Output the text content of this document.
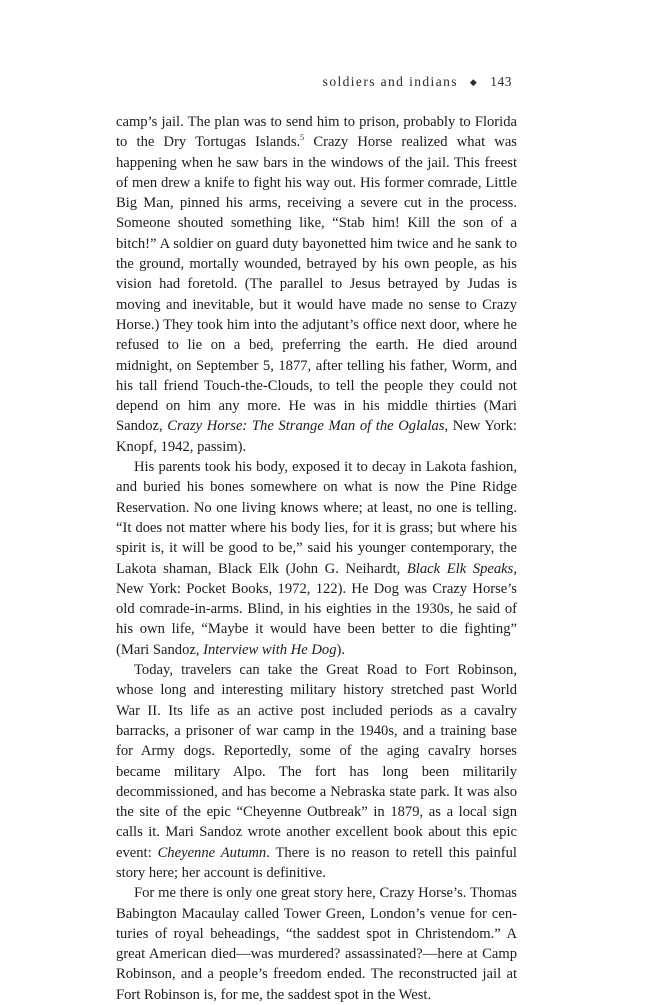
soldiers and indians ◆ 143

camp’s jail. The plan was to send him to prison, probably to Florida to the Dry Tortugas Islands.$^5$ Crazy Horse realized what was happening when he saw bars in the windows of the jail. This freest of men drew a knife to fight his way out. His former comrade, Little Big Man, pinned his arms, receiving a severe cut in the process. Someone shouted something like, “Stab him! Kill the son of a bitch!” A soldier on guard duty bayonetted him twice and he sank to the ground, mortally wounded, betrayed by his own people, as his vision had foretold. (The parallel to Jesus betrayed by Judas is moving and inevitable, but it would have made no sense to Crazy Horse.) They took him into the adjutant’s office next door, where he refused to lie on a bed, preferring the earth. He died around midnight, on September 5, 1877, after telling his father, Worm, and his tall friend Touch-the-Clouds, to tell the people they could not depend on him any more. He was in his middle thirties (Mari Sandoz, Crazy Horse: The Strange Man of the Oglalas, New York: Knopf, 1942, passim).

His parents took his body, exposed it to decay in Lakota fashion, and buried his bones somewhere on what is now the Pine Ridge Reservation. No one living knows where; at least, no one is telling. “It does not matter where his body lies, for it is grass; but where his spirit is, it will be good to be,” said his younger contemporary, the Lakota shaman, Black Elk (John G. Neihardt, Black Elk Speaks, New York: Pocket Books, 1972, 122). He Dog was Crazy Horse’s old comrade-in-arms. Blind, in his eighties in the 1930s, he said of his own life, “Maybe it would have been better to die fighting” (Mari Sandoz, Interview with He Dog).

Today, travelers can take the Great Road to Fort Robinson, whose long and interesting military history stretched past World War II. Its life as an active post included periods as a cavalry barracks, a prisoner of war camp in the 1940s, and a training base for Army dogs. Reportedly, some of the aging cavalry horses became military Alpo. The fort has long been militarily decommissioned, and has become a Nebraska state park. It was also the site of the epic “Cheyenne Outbreak” in 1879, as a local sign calls it. Mari Sandoz wrote another excellent book about this epic event: Cheyenne Autumn. There is no reason to retell this painful story here; her account is definitive.

For me there is only one great story here, Crazy Horse’s. Thomas Babington Macaulay called Tower Green, London’s venue for centuries of royal beheadings, “the saddest spot in Christendom.” A great American died—was murdered? assassinated?—here at Camp Robinson, and a people’s freedom ended. The reconstructed jail at Fort Robinson is, for me, the saddest spot in the West.
